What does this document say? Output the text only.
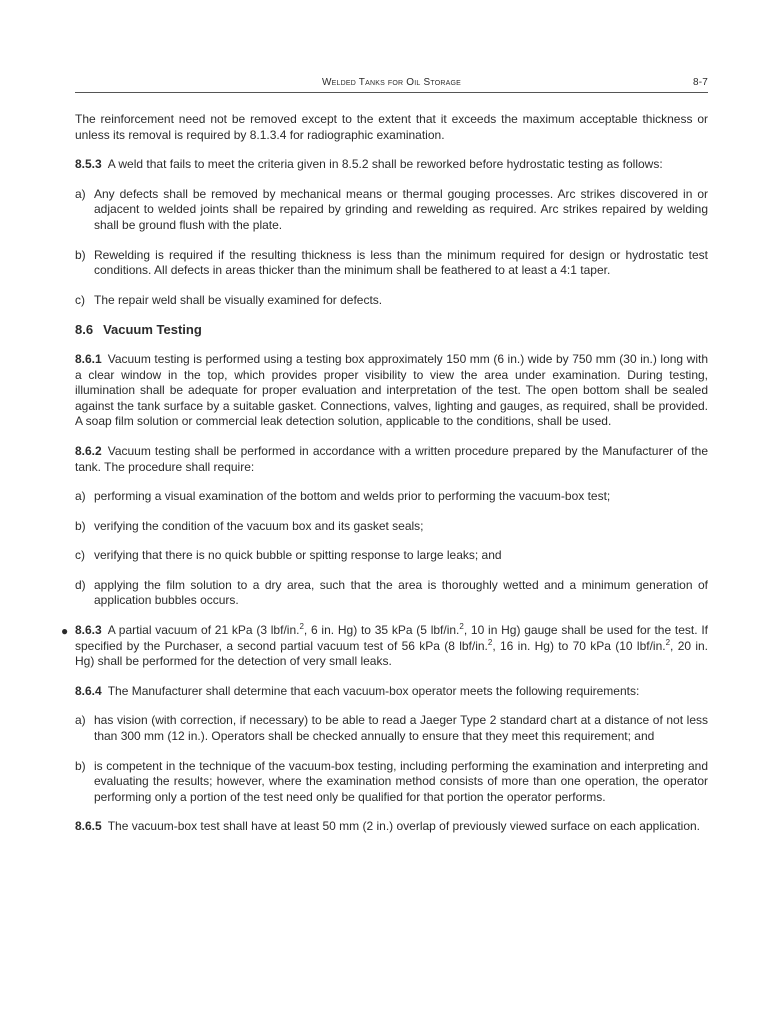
Welded Tanks for Oil Storage	8-7

The reinforcement need not be removed except to the extent that it exceeds the maximum acceptable thickness or unless its removal is required by 8.1.3.4 for radiographic examination.

8.5.3 A weld that fails to meet the criteria given in 8.5.2 shall be reworked before hydrostatic testing as follows:

a) Any defects shall be removed by mechanical means or thermal gouging processes. Arc strikes discovered in or adjacent to welded joints shall be repaired by grinding and rewelding as required. Arc strikes repaired by welding shall be ground flush with the plate.
b) Rewelding is required if the resulting thickness is less than the minimum required for design or hydrostatic test conditions. All defects in areas thicker than the minimum shall be feathered to at least a 4:1 taper.
c) The repair weld shall be visually examined for defects.
8.6 Vacuum Testing

8.6.1 Vacuum testing is performed using a testing box approximately 150 mm (6 in.) wide by 750 mm (30 in.) long with a clear window in the top, which provides proper visibility to view the area under examination. During testing, illumination shall be adequate for proper evaluation and interpretation of the test. The open bottom shall be sealed against the tank surface by a suitable gasket. Connections, valves, lighting and gauges, as required, shall be provided. A soap film solution or commercial leak detection solution, applicable to the conditions, shall be used.

8.6.2 Vacuum testing shall be performed in accordance with a written procedure prepared by the Manufacturer of the tank. The procedure shall require:

a) performing a visual examination of the bottom and welds prior to performing the vacuum-box test;
b) verifying the condition of the vacuum box and its gasket seals;
c) verifying that there is no quick bubble or spitting response to large leaks; and
d) applying the film solution to a dry area, such that the area is thoroughly wetted and a minimum generation of application bubbles occurs.

● 8.6.3 A partial vacuum of 21 kPa (3 lbf/in.$^2$, 6 in. Hg) to 35 kPa (5 lbf/in.$^2$, 10 in Hg) gauge shall be used for the test. If specified by the Purchaser, a second partial vacuum test of 56 kPa (8 lbf/in.$^2$, 16 in. Hg) to 70 kPa (10 lbf/in.$^2$, 20 in. Hg) shall be performed for the detection of very small leaks.

8.6.4 The Manufacturer shall determine that each vacuum-box operator meets the following requirements:

a) has vision (with correction, if necessary) to be able to read a Jaeger Type 2 standard chart at a distance of not less than 300 mm (12 in.). Operators shall be checked annually to ensure that they meet this requirement; and
b) is competent in the technique of the vacuum-box testing, including performing the examination and interpreting and evaluating the results; however, where the examination method consists of more than one operation, the operator performing only a portion of the test need only be qualified for that portion the operator performs.

8.6.5 The vacuum-box test shall have at least 50 mm (2 in.) overlap of previously viewed surface on each application.
